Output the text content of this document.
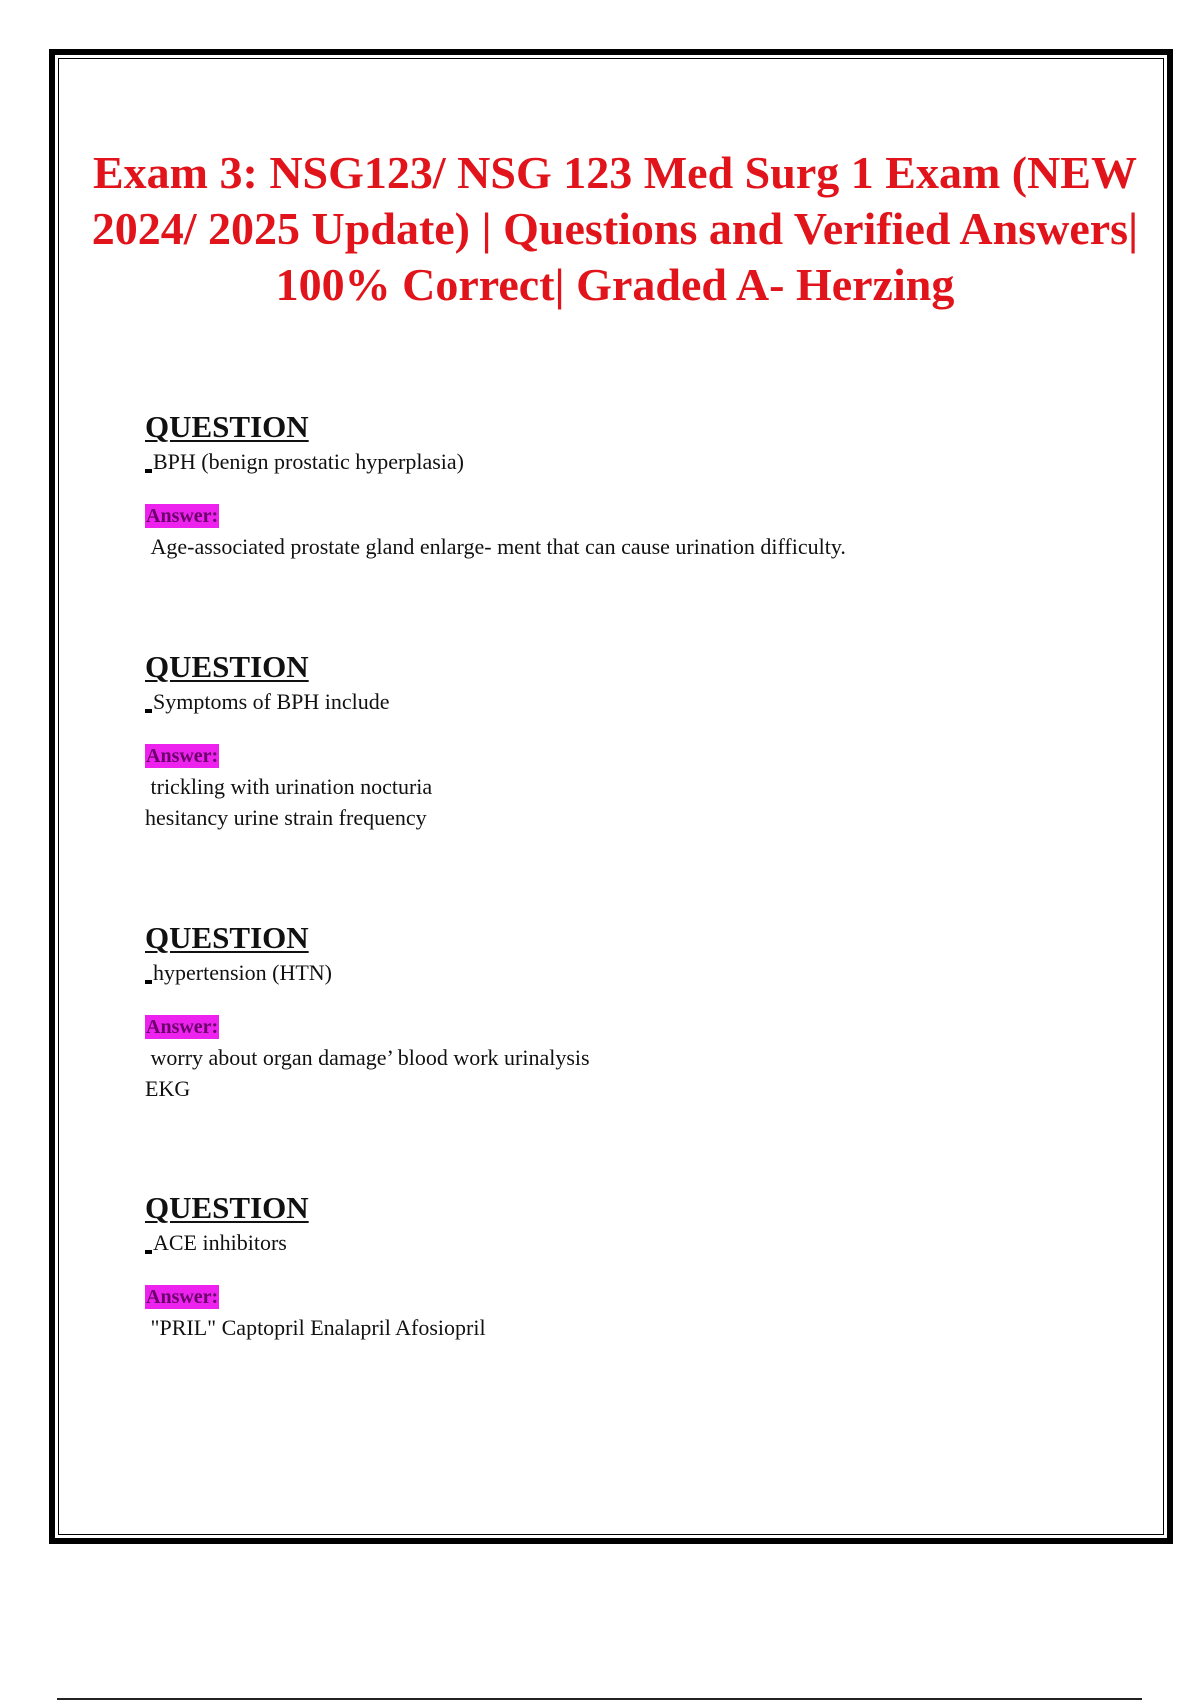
Exam 3: NSG123/ NSG 123 Med Surg 1 Exam (NEW 2024/ 2025 Update) | Questions and Verified Answers| 100% Correct| Graded A- Herzing
QUESTION
BPH (benign prostatic hyperplasia)
Answer:
Age-associated prostate gland enlarge- ment that can cause urination difficulty.
QUESTION
Symptoms of BPH include
Answer:
trickling with urination nocturia
hesitancy urine strain frequency
QUESTION
hypertension (HTN)
Answer:
worry about organ damage’ blood work urinalysis
EKG
QUESTION
ACE inhibitors
Answer:
"PRIL" Captopril Enalapril Afosiopril
